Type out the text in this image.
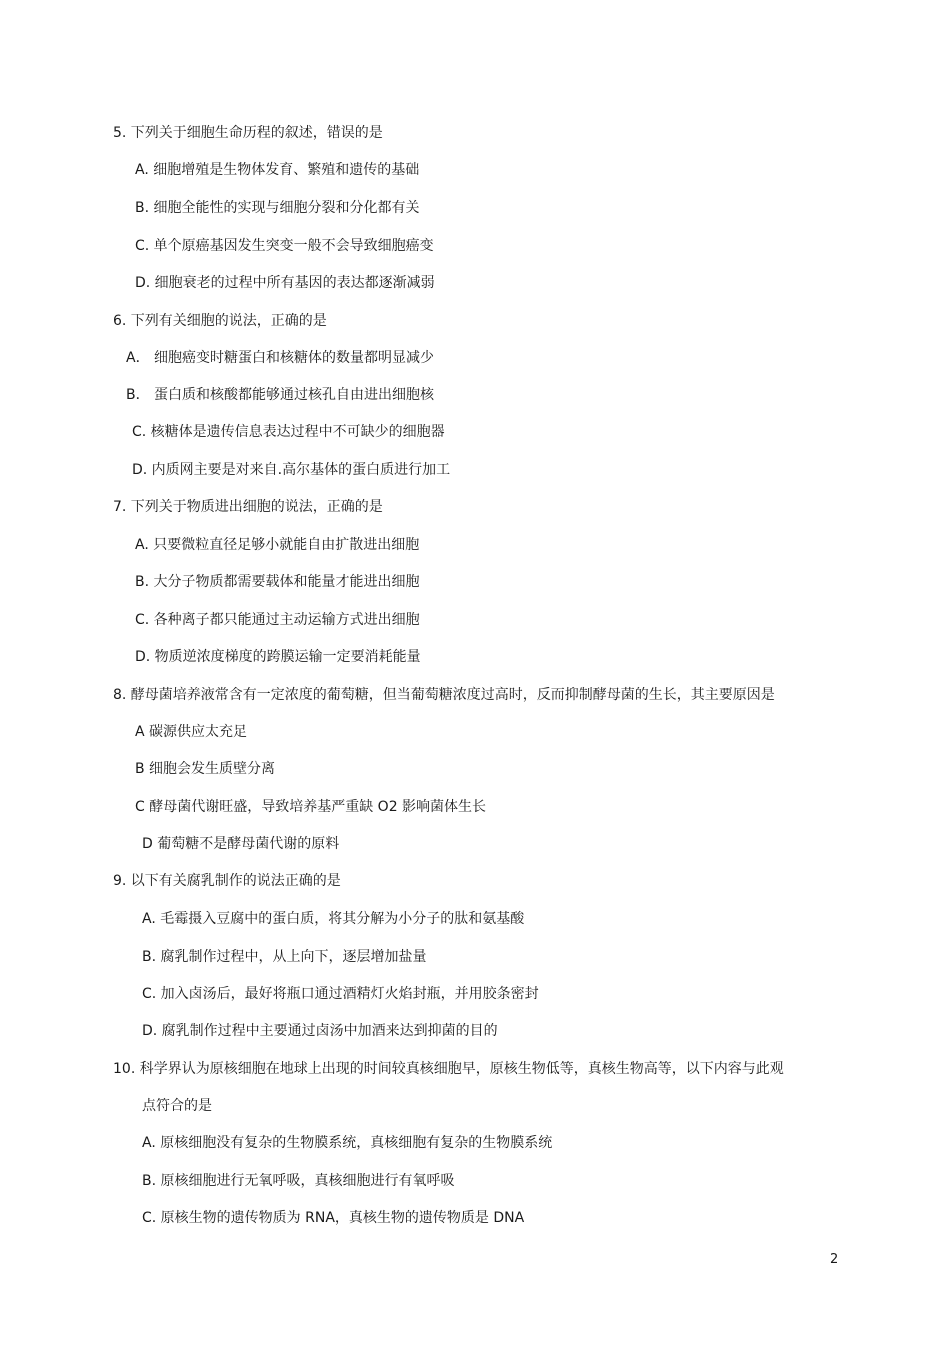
5. 下列关于细胞生命历程的叙述，错误的是
A. 细胞增殖是生物体发育、繁殖和遗传的基础
B. 细胞全能性的实现与细胞分裂和分化都有关
C. 单个原癌基因发生突变一般不会导致细胞癌变
D. 细胞衰老的过程中所有基因的表达都逐渐减弱
6. 下列有关细胞的说法，正确的是
A． 细胞癌变时糖蛋白和核糖体的数量都明显减少
B． 蛋白质和核酸都能够通过核孔自由进出细胞核
C. 核糖体是遗传信息表达过程中不可缺少的细胞器
D. 内质网主要是对来自.高尔基体的蛋白质进行加工
7. 下列关于物质进出细胞的说法，正确的是
A. 只要微粒直径足够小就能自由扩散进出细胞
B. 大分子物质都需要载体和能量才能进出细胞
C. 各种离子都只能通过主动运输方式进出细胞
D. 物质逆浓度梯度的跨膜运输一定要消耗能量
8. 酵母菌培养液常含有一定浓度的葡萄糖，但当葡萄糖浓度过高时，反而抑制酵母菌的生长，其主要原因是
A 碳源供应太充足
B 细胞会发生质壁分离
C 酵母菌代谢旺盛，导致培养基严重缺 O2 影响菌体生长
D 葡萄糖不是酵母菌代谢的原料
9. 以下有关腐乳制作的说法正确的是
A. 毛霉摄入豆腐中的蛋白质，将其分解为小分子的肽和氨基酸
B. 腐乳制作过程中，从上向下，逐层增加盐量
C. 加入卤汤后，最好将瓶口通过酒精灯火焰封瓶，并用胶条密封
D. 腐乳制作过程中主要通过卤汤中加酒来达到抑菌的目的
10. 科学界认为原核细胞在地球上出现的时间较真核细胞早，原核生物低等，真核生物高等，以下内容与此观
点符合的是
A. 原核细胞没有复杂的生物膜系统，真核细胞有复杂的生物膜系统
B. 原核细胞进行无氧呼吸，真核细胞进行有氧呼吸
C. 原核生物的遗传物质为 RNA，真核生物的遗传物质是 DNA
2
